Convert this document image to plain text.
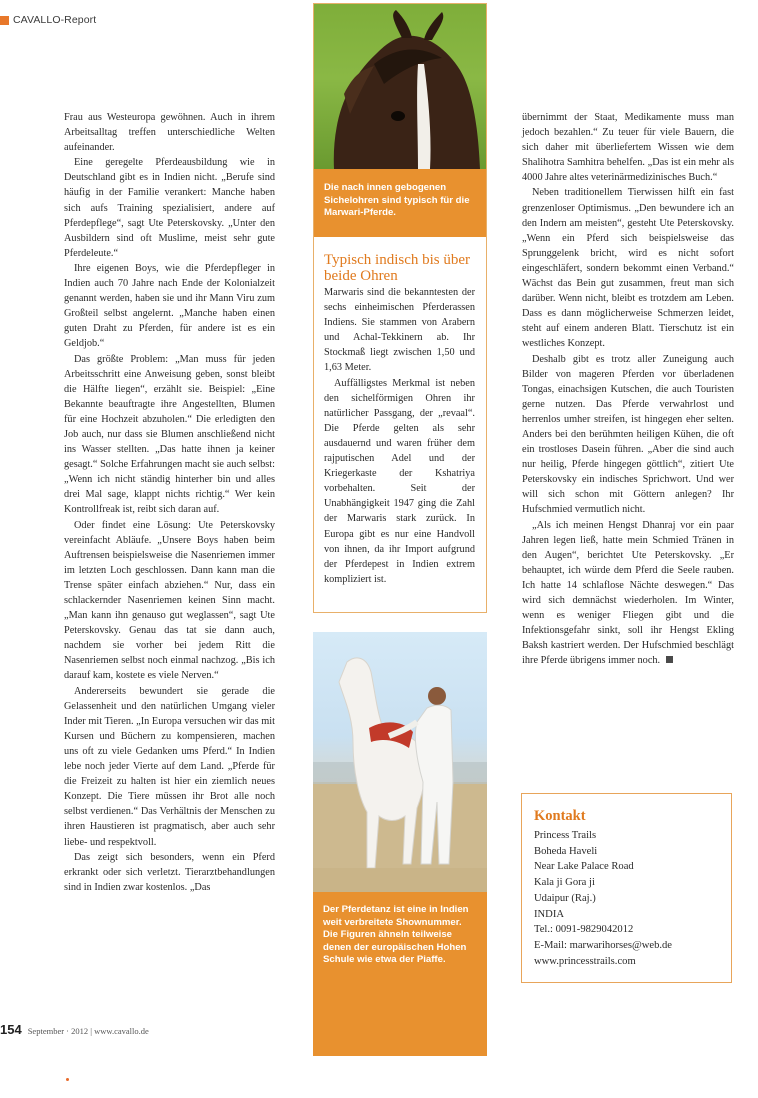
CAVALLO-Report

Frau aus Westeuropa gewöhnen. Auch in ihrem Arbeitsalltag treffen unterschiedliche Welten aufeinander.

Eine geregelte Pferdeausbildung wie in Deutschland gibt es in Indien nicht. „Berufe sind häufig in der Familie verankert: Manche haben sich aufs Training spezialisiert, andere auf Pferdepflege“, sagt Ute Peterskovsky. „Unter den Ausbildern sind oft Muslime, meist sehr gute Pferdeleute.“

Ihre eigenen Boys, wie die Pferdepfleger in Indien auch 70 Jahre nach Ende der Kolonialzeit genannt werden, haben sie und ihr Mann Viru zum Großteil selbst angelernt. „Manche haben einen guten Draht zu Pferden, für andere ist es ein Geldjob.“

Das größte Problem: „Man muss für jeden Arbeitsschritt eine Anweisung geben, sonst bleibt die Hälfte liegen“, erzählt sie. Beispiel: „Eine Bekannte beauftragte ihre Angestellten, Blumen für eine Hochzeit abzuholen.“ Die erledigten den Job auch, nur dass sie Blumen anschließend nicht ins Wasser stellten. „Das hatte ihnen ja keiner gesagt.“ Solche Erfahrungen macht sie auch selbst: „Wenn ich nicht ständig hinterher bin und alles drei Mal sage, klappt nichts richtig.“ Wer kein Kontrollfreak ist, reibt sich daran auf.

Oder findet eine Lösung: Ute Peterskovsky vereinfacht Abläufe. „Unsere Boys haben beim Auftrensen beispielsweise die Nasenriemen immer im letzten Loch geschlossen. Dann kann man die Trense später einfach abziehen.“ Nur, dass ein schlackernder Nasenriemen keinen Sinn macht. „Man kann ihn genauso gut weglassen“, sagt Ute Peterskovsky. Genau das tat sie dann auch, nachdem sie vorher bei jedem Ritt die Nasenriemen selbst noch einmal nachzog. „Bis ich darauf kam, kostete es viele Nerven.“

Andererseits bewundert sie gerade die Gelassenheit und den natürlichen Umgang vieler Inder mit Tieren. „In Europa versuchen wir das mit Kursen und Büchern zu kompensieren, machen uns oft zu viele Gedanken ums Pferd.“ In Indien lebe noch jeder Vierte auf dem Land. „Pferde für die Freizeit zu halten ist hier ein ziemlich neues Konzept. Die Tiere müssen ihr Brot alle noch selbst verdienen.“ Das Verhältnis der Menschen zu ihren Haustieren ist pragmatisch, aber auch sehr liebe- und respektvoll.

Das zeigt sich besonders, wenn ein Pferd erkrankt oder sich verletzt. Tierarztbehandlungen sind in Indien zwar kostenlos. „Das

Die nach innen gebogenen Sichelohren sind typisch für die Marwari-Pferde.
Typisch indisch bis über beide Ohren

Marwaris sind die bekanntesten der sechs einheimischen Pferderassen Indiens. Sie stammen von Arabern und Achal-Tekkinern ab. Ihr Stockmaß liegt zwischen 1,50 und 1,63 Meter.

Auffälligstes Merkmal ist neben den sichelförmigen Ohren ihr natürlicher Passgang, der „revaal“. Die Pferde gelten als sehr ausdauernd und waren früher dem rajputischen Adel und der Kriegerkaste der Kshatriya vorbehalten. Seit der Unabhängigkeit 1947 ging die Zahl der Marwaris stark zurück. In Europa gibt es nur eine Handvoll von ihnen, da ihr Import aufgrund der Pferdepest in Indien extrem kompliziert ist.

Der Pferdetanz ist eine in Indien weit verbreitete Shownummer. Die Figuren ähneln teilweise denen der europäischen Hohen Schule wie etwa der Piaffe.

übernimmt der Staat, Medikamente muss man jedoch bezahlen.“ Zu teuer für viele Bauern, die sich daher mit überliefertem Wissen wie dem Shalihotra Samhitra behelfen. „Das ist ein mehr als 4000 Jahre altes veterinärmedizinisches Buch.“

Neben traditionellem Tierwissen hilft ein fast grenzenloser Optimismus. „Den bewundere ich an den Indern am meisten“, gesteht Ute Peterskovsky. „Wenn ein Pferd sich beispielsweise das Sprunggelenk bricht, wird es nicht sofort eingeschläfert, sondern bekommt einen Verband.“ Wächst das Bein gut zusammen, freut man sich darüber. Wenn nicht, bleibt es trotzdem am Leben. Dass es dann möglicherweise Schmerzen leidet, steht auf einem anderen Blatt. Tierschutz ist ein westliches Konzept.

Deshalb gibt es trotz aller Zuneigung auch Bilder von mageren Pferden vor überladenen Tongas, einachsigen Kutschen, die auch Touristen gerne nutzen. Das Pferde verwahrlost und herrenlos umher streifen, ist hingegen eher selten. Anders bei den berühmten heiligen Kühen, die oft ein trostloses Dasein führen. „Aber die sind auch nur heilig, Pferde hingegen göttlich“, zitiert Ute Peterskovsky ein indisches Sprichwort. Und wer will sich schon mit Göttern anlegen? Ihr Hufschmied vermutlich nicht.

„Als ich meinen Hengst Dhanraj vor ein paar Jahren legen ließ, hatte mein Schmied Tränen in den Augen“, berichtet Ute Peterskovsky. „Er behauptet, ich würde dem Pferd die Seele rauben. Ich hatte 14 schlaflose Nächte deswegen.“ Das wird sich demnächst wiederholen. Im Winter, wenn es weniger Fliegen gibt und die Infektionsgefahr sinkt, soll ihr Hengst Ekling Baksh kastriert werden. Der Hufschmied beschlägt ihre Pferde übrigens immer noch.

Kontakt
Princess Trails
Boheda Haveli
Near Lake Palace Road
Kala ji Gora ji
Udaipur (Raj.)
INDIA
Tel.: 0091-9829042012
E-Mail: marwarihorses@web.de
www.princesstrails.com
154 September · 2012 | www.cavallo.de
